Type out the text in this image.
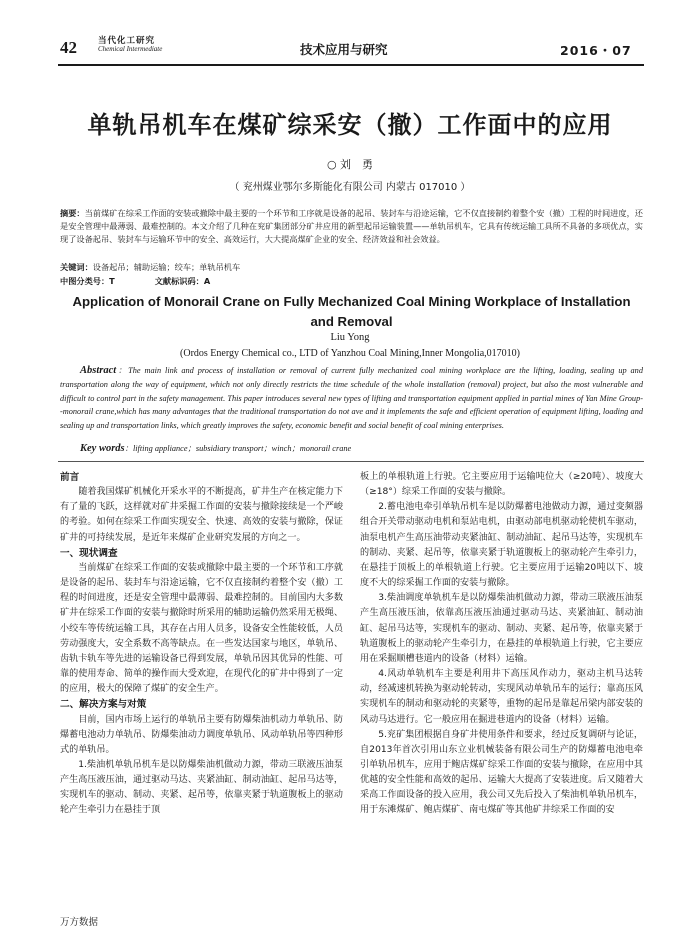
42 当代化工研究
Chemical Intermediate	技术应用与研究	2016・07
单轨吊机车在煤矿综采安（撤）工作面中的应用
○ 刘　勇
（ 兖州煤业鄂尔多斯能化有限公司 内蒙古 017010 ）
摘要：当前煤矿在综采工作面的安装或撤除中最主要的一个环节和工序就是设备的起吊、装封车与沿途运输，它不仅直接制约着整个安（撤）工程的时间进度，还是安全管理中最薄弱、最难控制的。本文介绍了几种在兖矿集团部分矿井应用的新型起吊运输装置——单轨吊机车，它具有传统运输工具所不具备的多项优点，实现了设备起吊、装封车与运输环节中的安全、高效运行，大大提高煤矿企业的安全、经济效益和社会效益。
关键词：设备起吊；辅助运输；绞车；单轨吊机车
中图分类号：T	文献标识码：A
Application of Monorail Crane on Fully Mechanized Coal Mining Workplace of Installation and Removal
Liu Yong
(Ordos Energy Chemical co., LTD of Yanzhou Coal Mining,Inner Mongolia,017010)
Abstract：The main link and process of installation or removal of current fully mechanized coal mining workplace are the lifting, loading, sealing up and transportation along the way of equipment, which not only directly restricts the time schedule of the whole installation (removal) project, but also the most vulnerable and difficult to control part in the safety management. This paper introduces several new types of lifting and transportation equipment applied in partial mines of Yan Mine Group--monorail crane,which has many advantages that the traditional transportation do not ave and it implements the safe and efficient operation of equipment lifting, loading and sealing up and transportation links, which greatly improves the safety, economic benefit and social benefit of coal mining enterprises.
Key words：lifting appliance；subsidiary transport；winch；monorail crane

前言

随着我国煤矿机械化开采水平的不断提高，矿井生产在核定能力下有了量的飞跃，这样就对矿井采掘工作面的安装与撤除接续是一个严峻的考验。如何在综采工作面实现安全、快速、高效的安装与撤除，保证矿井的可持续发展，是近年来煤矿企业研究发展的方向之一。

一、现状调查

当前煤矿在综采工作面的安装或撤除中最主要的一个环节和工序就是设备的起吊、装封车与沿途运输，它不仅直接制约着整个安（撤）工程的时间进度，还是安全管理中最薄弱、最难控制的。目前国内大多数矿井在综采工作面的安装与撤除时所采用的辅助运输仍然采用无极绳、小绞车等传统运输工具，其存在占用人员多，设备安全性能较低，人员劳动强度大，安全系数不高等缺点。在一些发达国家与地区，单轨吊、齿轨卡轨车等先进的运输设备已得到发展，单轨吊因其优异的性能、可靠的使用寿命、简单的操作而大受欢迎，在现代化的矿井中得到了一定的应用，极大的保障了煤矿的安全生产。

二、解决方案与对策

目前，国内市场上运行的单轨吊主要有防爆柴油机动力单轨吊、防爆蓄电池动力单轨吊、防爆柴油动力调度单轨吊、风动单轨吊等四种形式的单轨吊。

1.柴油机单轨吊机车是以防爆柴油机做动力源，带动三联液压油泵产生高压液压油，通过驱动马达、夹紧油缸、制动油缸、起吊马达等，实现机车的驱动、制动、夹紧、起吊等，依靠夹紧于轨道腹板上的驱动轮产生牵引力在悬挂于顶

板上的单根轨道上行驶。它主要应用于运输吨位大（≥20吨）、坡度大（≥18°）综采工作面的安装与撤除。

2.蓄电池电牵引单轨吊机车是以防爆蓄电池做动力源，通过变频器组合开关带动驱动电机和泵站电机，由驱动部电机驱动轮使机车驱动，油泵电机产生高压油带动夹紧油缸、制动油缸、起吊马达等，实现机车的制动、夹紧、起吊等，依靠夹紧于轨道腹板上的驱动轮产生牵引力，在悬挂于顶板上的单根轨道上行驶。它主要应用于运输20吨以下、坡度不大的综采掘工作面的安装与撤除。

3.柴油调度单轨机车是以防爆柴油机做动力源，带动三联液压油泵产生高压液压油，依靠高压液压油通过驱动马达、夹紧油缸、制动油缸、起吊马达等，实现机车的驱动、制动、夹紧、起吊等，依靠夹紧于轨道腹板上的驱动轮产生牵引力，在悬挂的单根轨道上行驶，它主要应用在采掘顺槽巷道内的设备（材料）运输。

4.风动单轨机车主要是利用井下高压风作动力，驱动主机马达转动，经减速机转换为驱动轮转动，实现风动单轨吊车的运行；靠高压风实现机车的制动和驱动轮的夹紧等，重物的起吊是靠起吊梁内部安装的风动马达进行。它一般应用在掘进巷道内的设备（材料）运输。

5.兖矿集团根据自身矿井使用条件和要求，经过反复调研与论证，自2013年首次引用山东立业机械装备有限公司生产的防爆蓄电池电牵引单轨吊机车，应用于鲍店煤矿综采工作面的安装与撤除，在应用中其优越的安全性能和高效的起吊、运输大大提高了安装进度。后又随着大采高工作面设备的投入应用，我公司又先后投入了柴油机单轨吊机车，用于东滩煤矿、鲍店煤矿、南屯煤矿等其他矿井综采工作面的安

万方数据
